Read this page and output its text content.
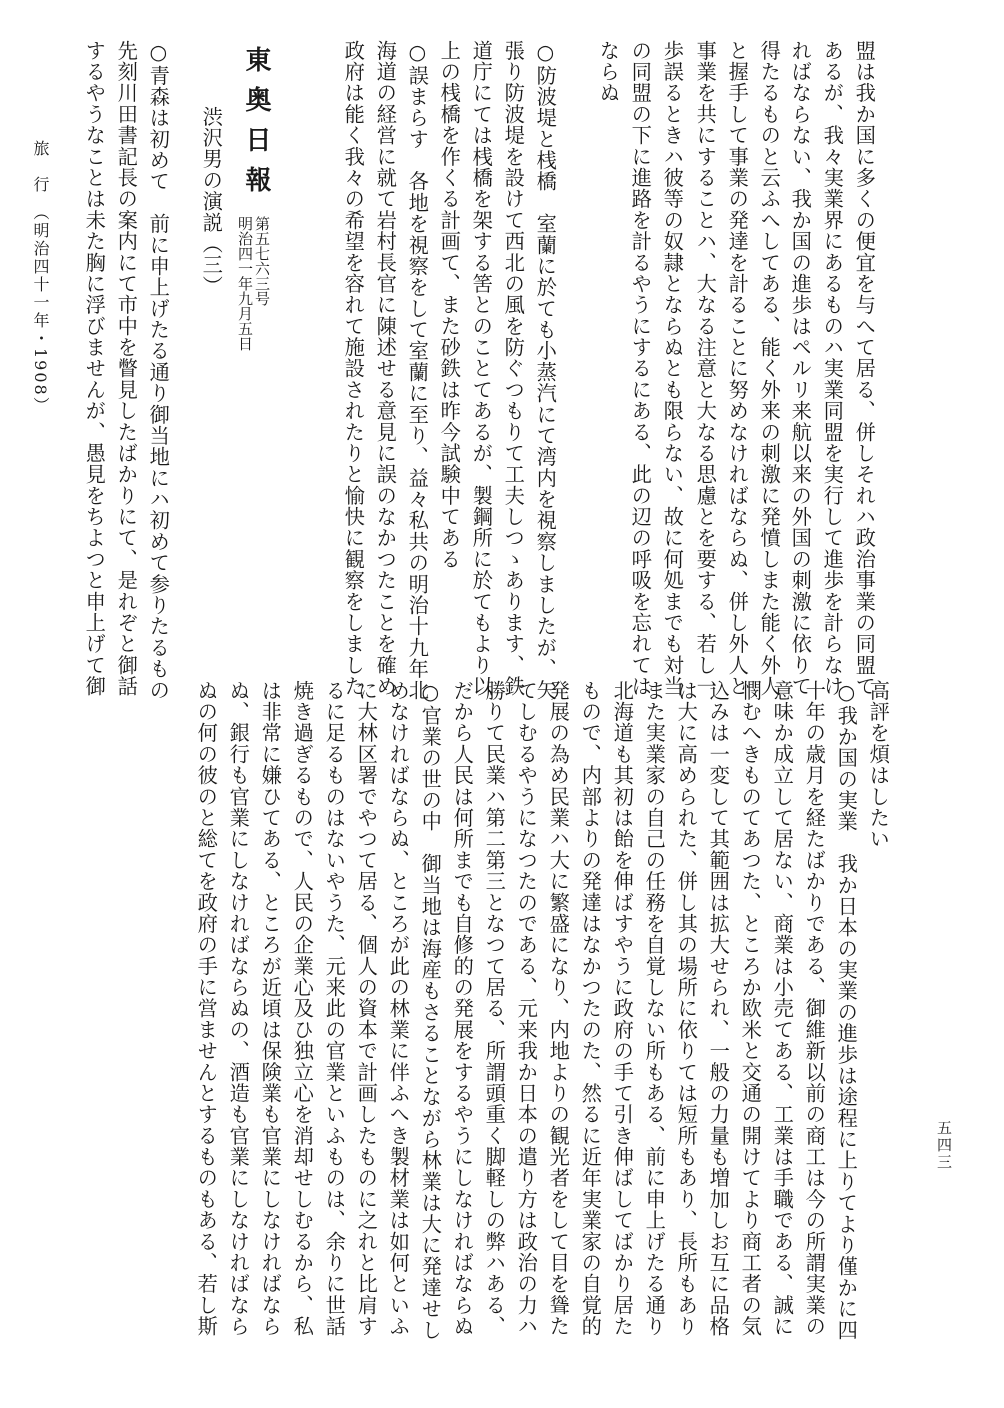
盟は我か国に多くの便宜を与へて居る、併しそれハ政治事業の同盟て
あるが、我々実業界にあるものハ実業同盟を実行して進歩を計らなけ
ればならない、我か国の進歩はペルリ来航以来の外国の刺激に依りて
得たるものと云ふへしてある、能く外来の刺激に発憤しまた能く外人
と握手して事業の発達を計ることに努めなければならぬ、併し外人と
事業を共にすることハ、大なる注意と大なる思慮とを要する、若し一
歩誤るときハ彼等の奴隷とならぬとも限らない、故に何処までも対当
の同盟の下に進路を計るやうにするにある、此の辺の呼吸を忘れては
ならぬ
○防波堤と桟橋　室蘭に於ても小蒸汽にて湾内を視察しましたが、矢
張り防波堤を設けて西北の風を防ぐつもりて工夫しつゝあります、鉄
道庁にては桟橋を架する筈とのことてあるが、製鋼所に於てもより以
上の桟橋を作くる計画て、また砂鉄は昨今試験中てある
○誤まらす　各地を視察をして室蘭に至り、益々私共の明治十九年北
海道の経営に就て岩村長官に陳述せる意見に誤のなかつたことを確め
政府は能く我々の希望を容れて施設されたりと愉快に観察をしました
東奥日報
第五七六三号
明治四一年九月五日
渋沢男の演説（三）
○青森は初めて　前に申上げたる通り御当地にハ初めて参りたるもの
先刻川田書記長の案内にて市中を瞥見したばかりにて、是れぞと御話
するやうなことは未た胸に浮びませんが、愚見をちよつと申上げて御
旅　行　（明治四十一年・1908）
高評を煩はしたい
○我か国の実業　我か日本の実業の進歩は途程に上りてより僅かに四
十年の歳月を経たばかりである、御維新以前の商工は今の所謂実業の
意味か成立して居ない、商業は小売てある、工業は手職である、誠に
憫むへきものてあつた、ところか欧米と交通の開けてより商工者の気
込みは一変して其範囲は拡大せられ、一般の力量も増加しお互に品格
は大に高められた、併し其の場所に依りては短所もあり、長所もあり
また実業家の自己の任務を自覚しない所もある、前に申上げたる通り
北海道も其初は飴を伸ばすやうに政府の手て引き伸ばしてばかり居た
もので、内部よりの発達はなかつたのた、然るに近年実業家の自覚的
発展の為め民業ハ大に繁盛になり、内地よりの観光者をして目を聳た
てしむるやうになつたのである、元来我か日本の遣り方は政治の力ハ
勝りて民業ハ第二第三となつて居る、所謂頭重く脚軽しの弊ハある、
だから人民は何所までも自修的の発展をするやうにしなければならぬ
○官業の世の中　御当地は海産もさることながら林業は大に発達せし
めなければならぬ、ところが此の林業に伴ふへき製材業は如何といふ
に大林区署でやつて居る、個人の資本で計画したものに之れと比肩す
るに足るものはないやうた、元来此の官業といふものは、余りに世話
焼き過ぎるもので、人民の企業心及ひ独立心を消却せしむるから、私
は非常に嫌ひてある、ところが近頃は保険業も官業にしなければなら
ぬ、銀行も官業にしなければならぬの、酒造も官業にしなければなら
ぬの何の彼のと総てを政府の手に営ませんとするものもある、若し斯	五四三
